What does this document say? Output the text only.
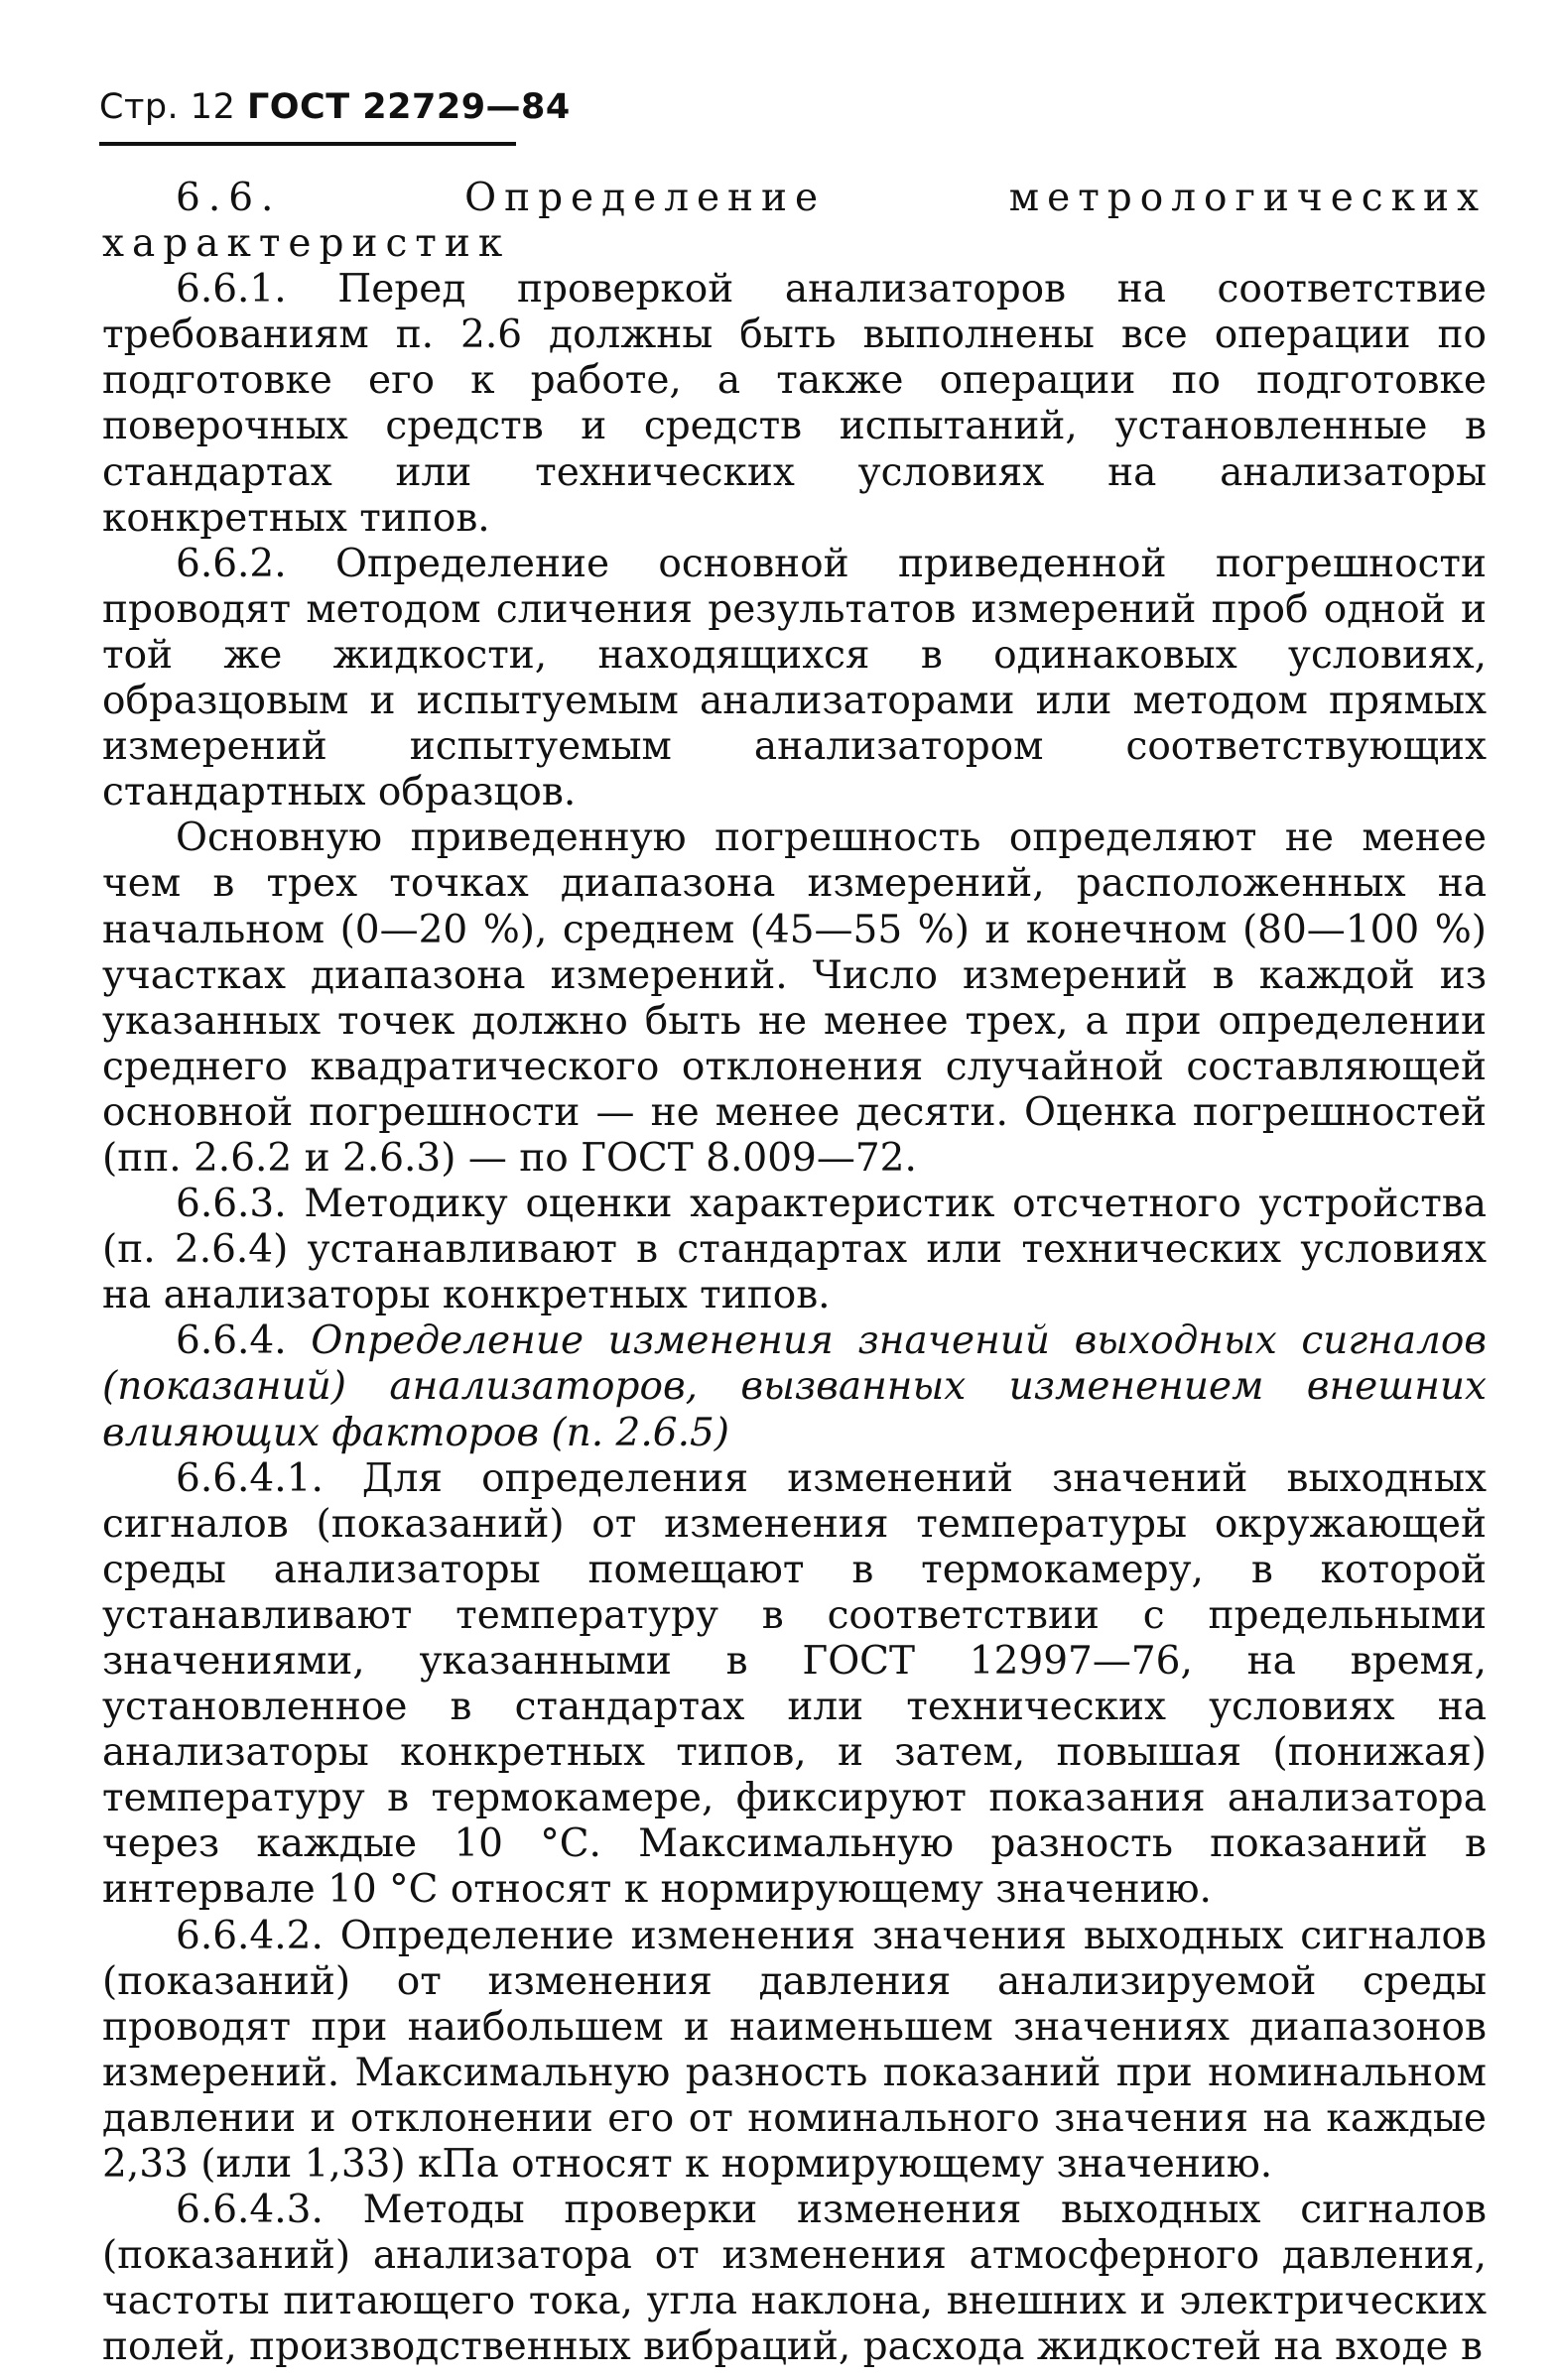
Стр. 12 ГОСТ 22729—84

6.6. Определение метрологических характеристик

6.6.1. Перед проверкой анализаторов на соответствие требованиям п. 2.6 должны быть выполнены все операции по подготовке его к работе, а также операции по подготовке поверочных средств и средств испытаний, установленные в стандартах или технических условиях на анализаторы конкретных типов.

6.6.2. Определение основной приведенной погрешности проводят методом сличения результатов измерений проб одной и той же жидкости, находящихся в одинаковых условиях, образцовым и испытуемым анализаторами или методом прямых измерений испытуемым анализатором соответствующих стандартных образцов.

Основную приведенную погрешность определяют не менее чем в трех точках диапазона измерений, расположенных на начальном (0—20 %), среднем (45—55 %) и конечном (80—100 %) участках диапазона измерений. Число измерений в каждой из указанных точек должно быть не менее трех, а при определении среднего квадратического отклонения случайной составляющей основной погрешности — не менее десяти. Оценка погрешностей (пп. 2.6.2 и 2.6.3) — по ГОСТ 8.009—72.

6.6.3. Методику оценки характеристик отсчетного устройства (п. 2.6.4) устанавливают в стандартах или технических условиях на анализаторы конкретных типов.

6.6.4. Определение изменения значений выходных сигналов (показаний) анализаторов, вызванных изменением внешних влияющих факторов (п. 2.6.5)

6.6.4.1. Для определения изменений значений выходных сигналов (показаний) от изменения температуры окружающей среды анализаторы помещают в термокамеру, в которой устанавливают температуру в соответствии с предельными значениями, указанными в ГОСТ 12997—76, на время, установленное в стандартах или технических условиях на анализаторы конкретных типов, и затем, повышая (понижая) температуру в термокамере, фиксируют показания анализатора через каждые 10 °С. Максимальную разность показаний в интервале 10 °С относят к нормирующему значению.

6.6.4.2. Определение изменения значения выходных сигналов (показаний) от изменения давления анализируемой среды проводят при наибольшем и наименьшем значениях диапазонов измерений. Максимальную разность показаний при номинальном давлении и отклонении его от номинального значения на каждые 2,33 (или 1,33) кПа относят к нормирующему значению.

6.6.4.3. Методы проверки изменения выходных сигналов (показаний) анализатора от изменения атмосферного давления, частоты питающего тока, угла наклона, внешних и электрических полей, производственных вибраций, расхода жидкостей на входе в
